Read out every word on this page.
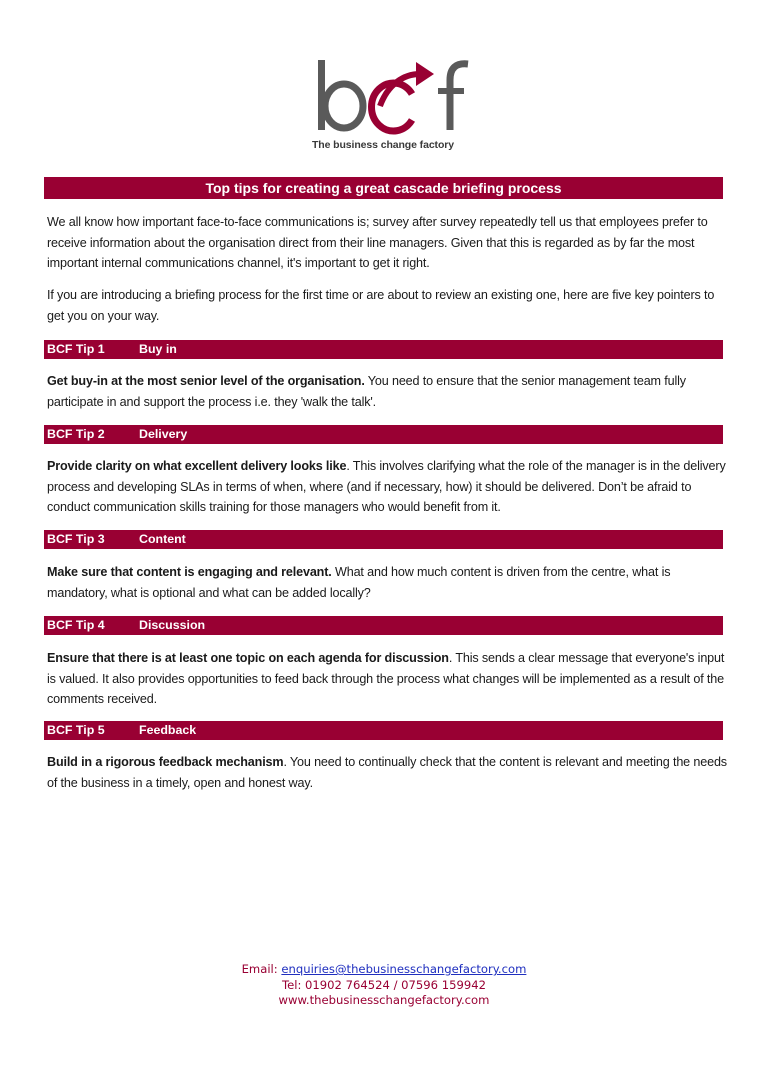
The business change factory
Top tips for creating a great cascade briefing process
We all know how important face-to-face communications is; survey after survey repeatedly tell us that employees prefer to receive information about the organisation direct from their line managers. Given that this is regarded as by far the most important internal communications channel, it's important to get it right.
If you are introducing a briefing process for the first time or are about to review an existing one, here are five key pointers to get you on your way.
BCF Tip 1	Buy in
Get buy-in at the most senior level of the organisation. You need to ensure that the senior management team fully participate in and support the process i.e. they 'walk the talk'.
BCF Tip 2	Delivery
Provide clarity on what excellent delivery looks like. This involves clarifying what the role of the manager is in the delivery process and developing SLAs in terms of when, where (and if necessary, how) it should be delivered. Don’t be afraid to conduct communication skills training for those managers who would benefit from it.
BCF Tip 3	Content
Make sure that content is engaging and relevant. What and how much content is driven from the centre, what is mandatory, what is optional and what can be added locally?
BCF Tip 4	Discussion
Ensure that there is at least one topic on each agenda for discussion. This sends a clear message that everyone's input is valued. It also provides opportunities to feed back through the process what changes will be implemented as a result of the comments received.
BCF Tip 5	Feedback
Build in a rigorous feedback mechanism. You need to continually check that the content is relevant and meeting the needs of the business in a timely, open and honest way.
Email: enquiries@thebusinesschangefactory.com
Tel: 01902 764524 / 07596 159942
www.thebusinesschangefactory.com
